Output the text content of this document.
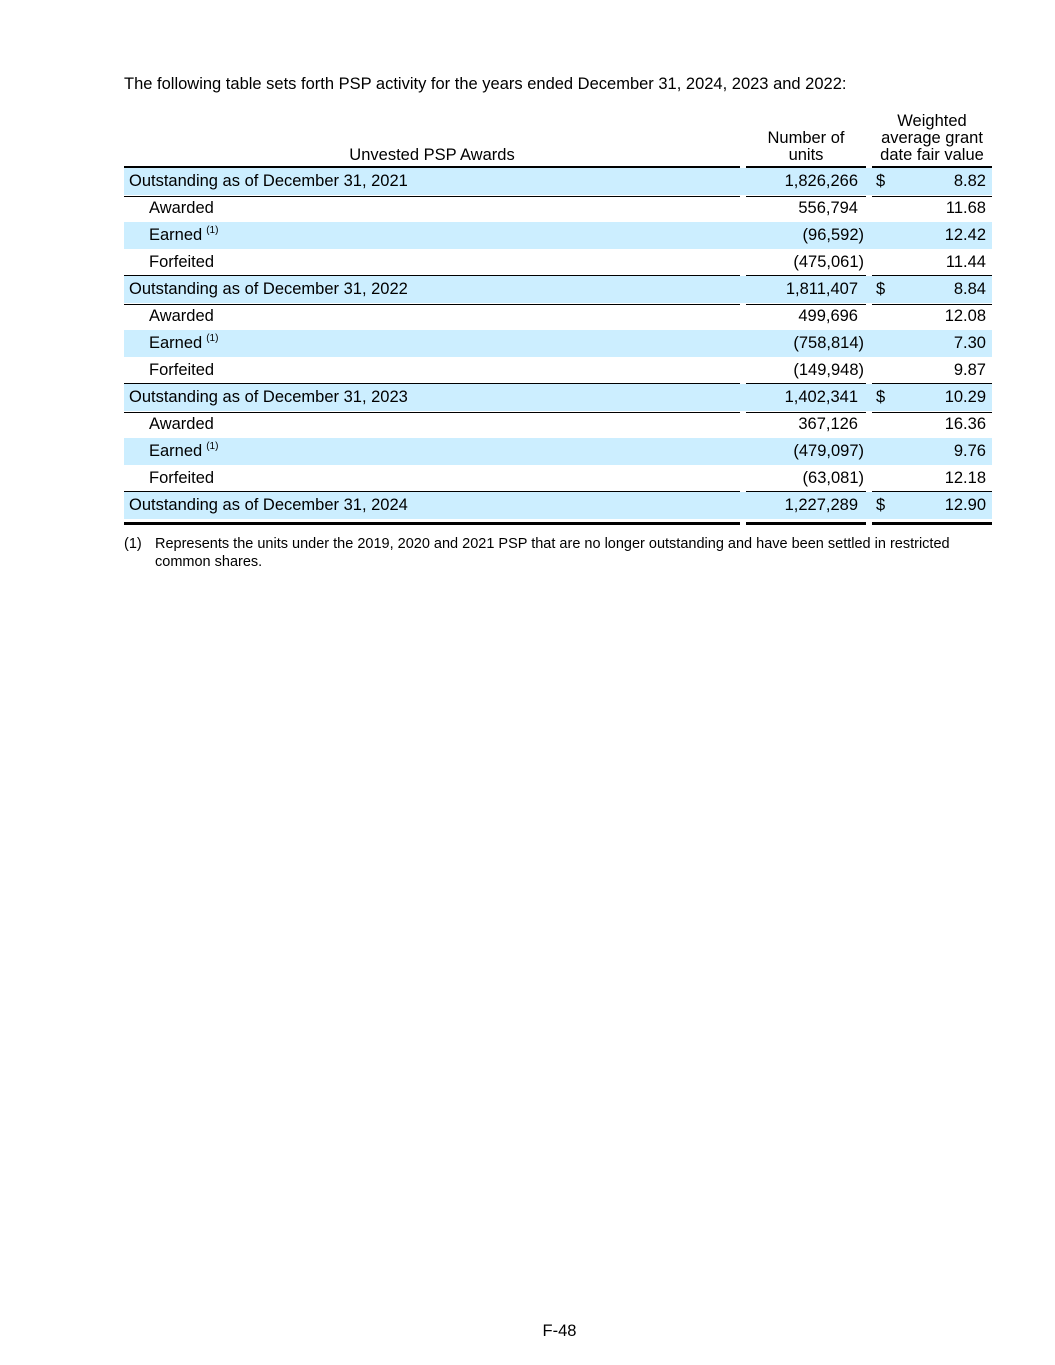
The following table sets forth PSP activity for the years ended December 31, 2024, 2023 and 2022:
Unvested PSP Awards
Number of
units
Weighted
average grant
date fair value
Outstanding as of December 31, 2021	1,826,266	$	8.82
Awarded	556,794	11.68
Earned $^{(1)}$	(96,592)	12.42
Forfeited	(475,061)	11.44
Outstanding as of December 31, 2022	1,811,407	$	8.84
Awarded	499,696	12.08
Earned $^{(1)}$	(758,814)	7.30
Forfeited	(149,948)	9.87
Outstanding as of December 31, 2023	1,402,341	$	10.29
Awarded	367,126	16.36
Earned $^{(1)}$	(479,097)	9.76
Forfeited	(63,081)	12.18
Outstanding as of December 31, 2024	1,227,289	$	12.90
(1) Represents the units under the 2019, 2020 and 2021 PSP that are no longer outstanding and have been settled in restricted common shares.
F-48
